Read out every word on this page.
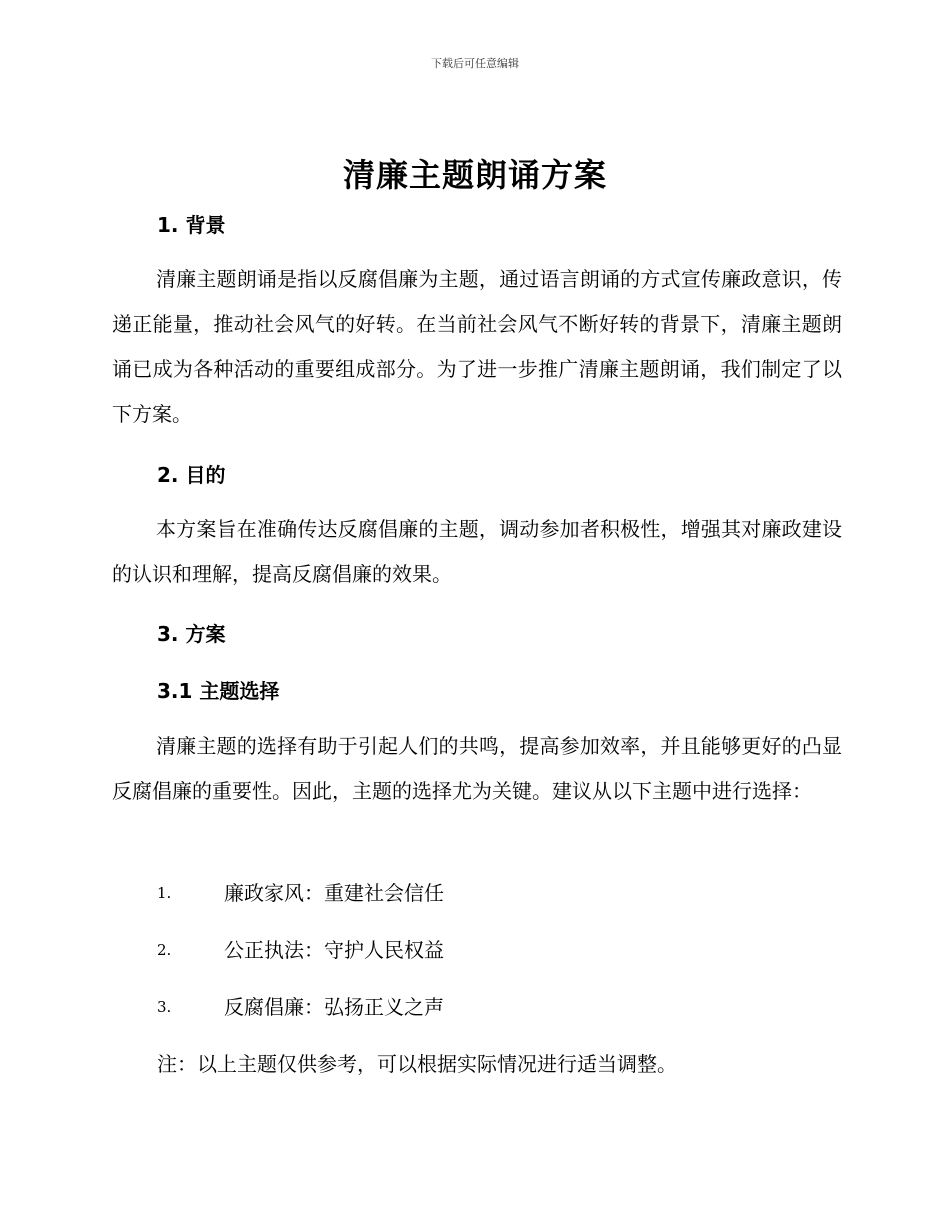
下载后可任意编辑
清廉主题朗诵方案
1. 背景
清廉主题朗诵是指以反腐倡廉为主题，通过语言朗诵的方式宣传廉政意识，传递正能量，推动社会风气的好转。在当前社会风气不断好转的背景下，清廉主题朗诵已成为各种活动的重要组成部分。为了进一步推广清廉主题朗诵，我们制定了以下方案。
2. 目的
本方案旨在准确传达反腐倡廉的主题，调动参加者积极性，增强其对廉政建设的认识和理解，提高反腐倡廉的效果。
3. 方案
3.1 主题选择
清廉主题的选择有助于引起人们的共鸣，提高参加效率，并且能够更好的凸显反腐倡廉的重要性。因此，主题的选择尤为关键。建议从以下主题中进行选择：
1.	廉政家风：重建社会信任
2.	公正执法：守护人民权益
3.	反腐倡廉：弘扬正义之声
注：以上主题仅供参考，可以根据实际情况进行适当调整。
